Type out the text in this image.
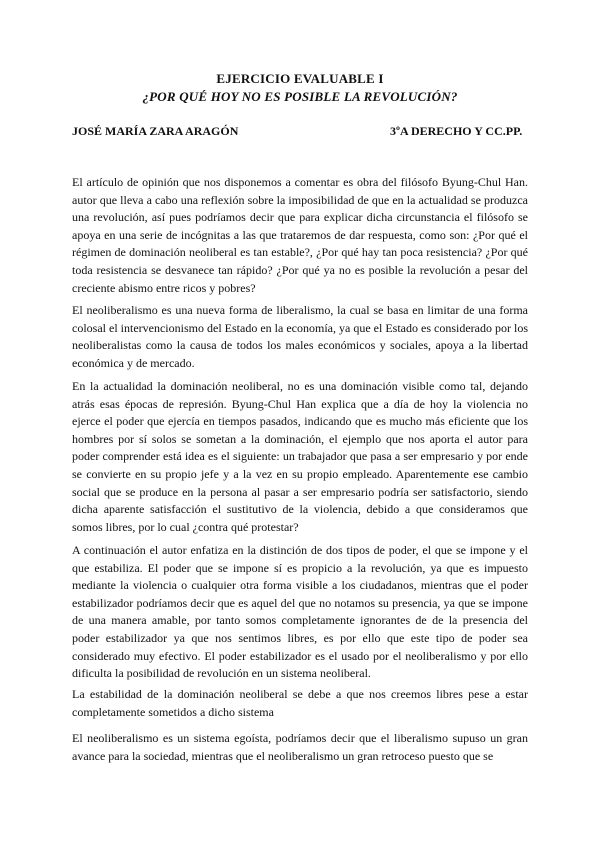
EJERCICIO EVALUABLE I
¿POR QUÉ HOY NO ES POSIBLE LA REVOLUCIÓN?
JOSÉ MARÍA ZARA ARAGÓN	3ºA DERECHO Y CC.PP.

El artículo de opinión que nos disponemos a comentar es obra del filósofo Byung-Chul Han. autor que lleva a cabo una reflexión sobre la imposibilidad de que en la actualidad se produzca una revolución, así pues podríamos decir que para explicar dicha circunstancia el filósofo se apoya en una serie de incógnitas a las que trataremos de dar respuesta, como son: ¿Por qué el régimen de dominación neoliberal es tan estable?, ¿Por qué hay tan poca resistencia? ¿Por qué toda resistencia se desvanece tan rápido? ¿Por qué ya no es posible la revolución a pesar del creciente abismo entre ricos y pobres?

El neoliberalismo es una nueva forma de liberalismo, la cual se basa en limitar de una forma colosal el intervencionismo del Estado en la economía, ya que el Estado es considerado por los neoliberalistas como la causa de todos los males económicos y sociales, apoya a la libertad económica y de mercado.

En la actualidad la dominación neoliberal, no es una dominación visible como tal, dejando atrás esas épocas de represión. Byung-Chul Han explica que a día de hoy la violencia no ejerce el poder que ejercía en tiempos pasados, indicando que es mucho más eficiente que los hombres por sí solos se sometan a la dominación, el ejemplo que nos aporta el autor para poder comprender está idea es el siguiente: un trabajador que pasa a ser empresario y por ende se convierte en su propio jefe y a la vez en su propio empleado. Aparentemente ese cambio social que se produce en la persona al pasar a ser empresario podría ser satisfactorio, siendo dicha aparente satisfacción el sustitutivo de la violencia, debido a que consideramos que somos libres, por lo cual ¿contra qué protestar?

A continuación el autor enfatiza en la distinción de dos tipos de poder, el que se impone y el que estabiliza. El poder que se impone sí es propicio a la revolución, ya que es impuesto mediante la violencia o cualquier otra forma visible a los ciudadanos, mientras que el poder estabilizador podríamos decir que es aquel del que no notamos su presencia, ya que se impone de una manera amable, por tanto somos completamente ignorantes de de la presencia del poder estabilizador ya que nos sentimos libres, es por ello que este tipo de poder sea considerado muy efectivo. El poder estabilizador es el usado por el neoliberalismo y por ello dificulta la posibilidad de revolución en un sistema neoliberal.

La estabilidad de la dominación neoliberal se debe a que nos creemos libres pese a estar completamente sometidos a dicho sistema

El neoliberalismo es un sistema egoísta, podríamos decir que el liberalismo supuso un gran avance para la sociedad, mientras que el neoliberalismo un gran retroceso puesto que se
